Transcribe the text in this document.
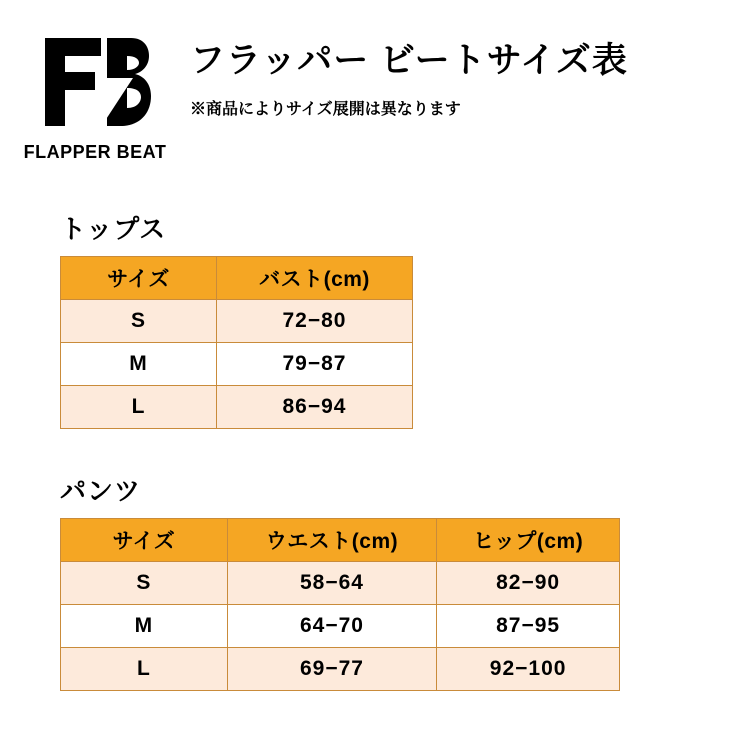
FLAPPER BEAT
フラッパー ビートサイズ表
※商品によりサイズ展開は異なります
トップス
サイズ	バスト(cm)
S	72−80
M	79−87
L	86−94
パンツ
サイズ	ウエスト(cm)	ヒップ(cm)
S	58−64	82−90
M	64−70	87−95
L	69−77	92−100
